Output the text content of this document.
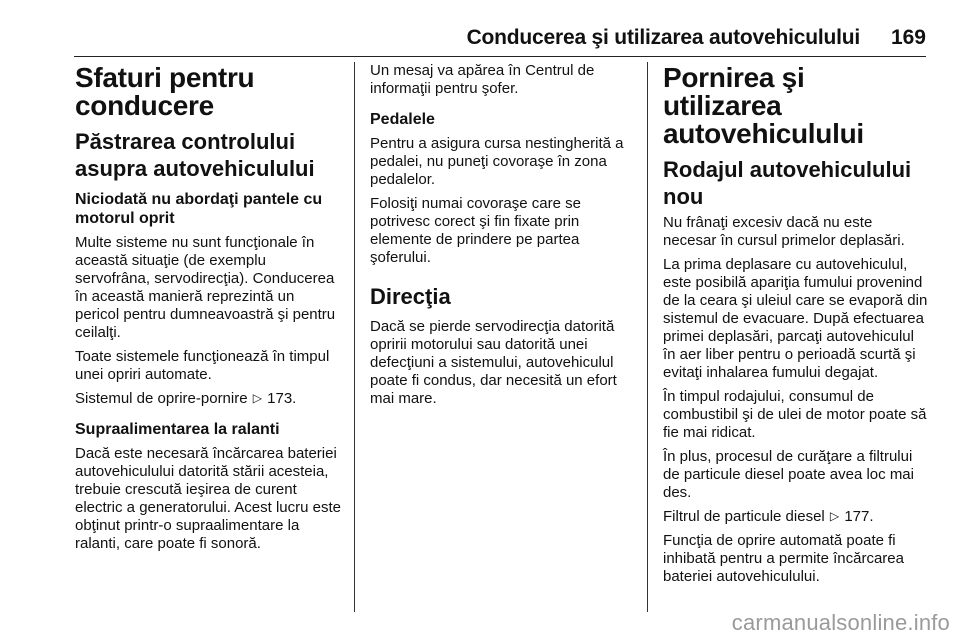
Conducerea şi utilizarea autovehiculului 169
Sfaturi pentru conducere
Păstrarea controlului asupra autovehiculului
Niciodată nu abordaţi pantele cu motorul oprit

Multe sisteme nu sunt funcţionale în această situaţie (de exemplu servofrâna, servodirecţia). Conducerea în această manieră reprezintă un pericol pentru dumneavoastră şi pentru ceilalţi.

Toate sistemele funcţionează în timpul unei opriri automate.

Sistemul de oprire-pornire ▷ 173.

Supraalimentarea la ralanti

Dacă este necesară încărcarea bateriei autovehiculului datorită stării acesteia, trebuie crescută ieşirea de curent electric a generatorului. Acest lucru este obţinut printr-o supraalimentare la ralanti, care poate fi sonoră.

Un mesaj va apărea în Centrul de informaţii pentru şofer.

Pedalele

Pentru a asigura cursa nestingherită a pedalei, nu puneţi covoraşe în zona pedalelor.

Folosiţi numai covoraşe care se potrivesc corect şi fin fixate prin elemente de prindere pe partea şoferului.

Direcţia

Dacă se pierde servodirecţia datorită opririi motorului sau datorită unei defecţiuni a sistemului, autovehiculul poate fi condus, dar necesită un efort mai mare.

Pornirea şi utilizarea autovehiculului
Rodajul autovehiculului nou

Nu frânaţi excesiv dacă nu este necesar în cursul primelor deplasări.

La prima deplasare cu autovehiculul, este posibilă apariţia fumului provenind de la ceara şi uleiul care se evaporă din sistemul de evacuare. După efectuarea primei deplasări, parcaţi autovehiculul în aer liber pentru o perioadă scurtă şi evitaţi inhalarea fumului degajat.

În timpul rodajului, consumul de combustibil şi de ulei de motor poate să fie mai ridicat.

În plus, procesul de curăţare a filtrului de particule diesel poate avea loc mai des.

Filtrul de particule diesel ▷ 177.

Funcţia de oprire automată poate fi inhibată pentru a permite încărcarea bateriei autovehiculului.

carmanualsonline.info
